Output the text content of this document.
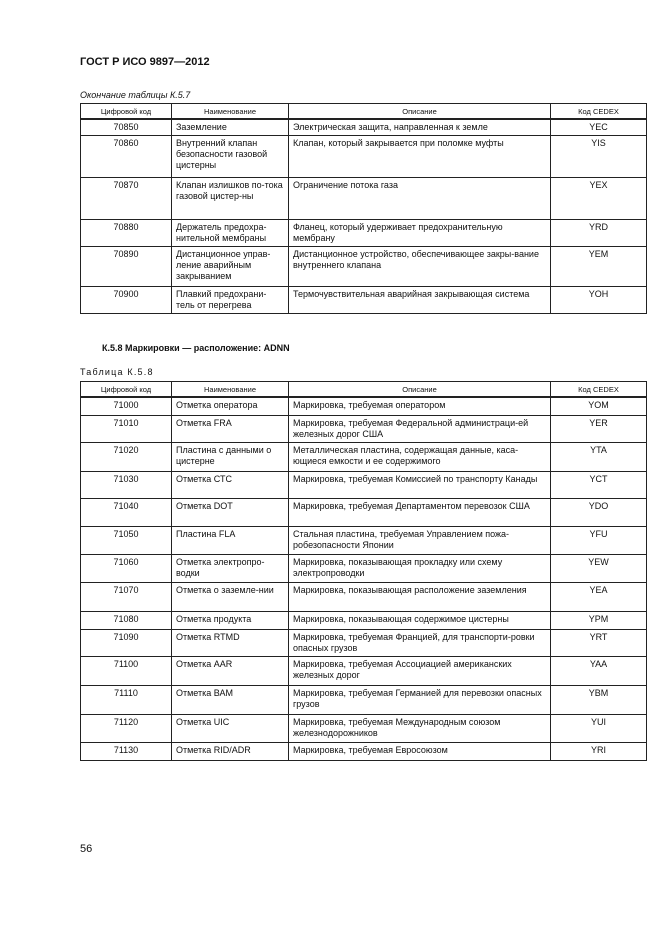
ГОСТ Р ИСО 9897—2012
Окончание таблицы К.5.7
Цифровой код	Наименование	Описание	Код CEDEX
70850	Заземление	Электрическая защита, направленная к земле	YEC
70860	Внутренний клапан безопасности газовой цистерны	Клапан, который закрывается при поломке муфты	YIS
70870	Клапан излишков по-тока газовой цистер-ны	Ограничение потока газа	YEX
70880	Держатель предохра-нительной мембраны	Фланец, который удерживает предохранительную мембрану	YRD
70890	Дистанционное управ-ление аварийным закрыванием	Дистанционное устройство, обеспечивающее закры-вание внутреннего клапана	YEM
70900	Плавкий предохрани-тель от перегрева	Термочувствительная аварийная закрывающая система	YOH
К.5.8 Маркировки — расположение: ADNN
Таблица К.5.8
Цифровой код	Наименование	Описание	Код CEDEX
71000	Отметка оператора	Маркировка, требуемая оператором	YOM
71010	Отметка FRA	Маркировка, требуемая Федеральной администраци-ей железных дорог США	YER
71020	Пластина с данными о цистерне	Металлическая пластина, содержащая данные, каса-ющиеся емкости и ее содержимого	YTA
71030	Отметка СТС	Маркировка, требуемая Комиссией по транспорту Канады	YCT
71040	Отметка DOT	Маркировка, требуемая Департаментом перевозок США	YDO
71050	Пластина FLA	Стальная пластина, требуемая Управлением пожа-робезопасности Японии	YFU
71060	Отметка электропро-водки	Маркировка, показывающая прокладку или схему электропроводки	YEW
71070	Отметка о заземле-нии	Маркировка, показывающая расположение заземления	YEA
71080	Отметка продукта	Маркировка, показывающая содержимое цистерны	YPM
71090	Отметка RTMD	Маркировка, требуемая Францией, для транспорти-ровки опасных грузов	YRT
71100	Отметка AAR	Маркировка, требуемая Ассоциацией американских железных дорог	YAA
71110	Отметка ВАМ	Маркировка, требуемая Германией для перевозки опасных грузов	YBM
71120	Отметка UIC	Маркировка, требуемая Международным союзом железнодорожников	YUI
71130	Отметка RID/ADR	Маркировка, требуемая Евросоюзом	YRI
56
